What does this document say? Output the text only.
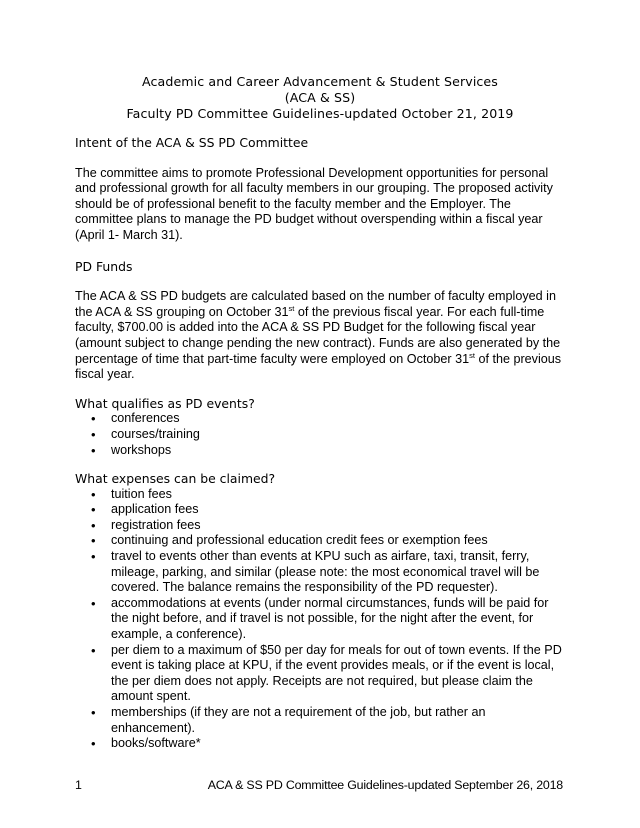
Academic and Career Advancement & Student Services
(ACA & SS)
Faculty PD Committee Guidelines-updated October 21, 2019
Intent of the ACA & SS PD Committee

The committee aims to promote Professional Development opportunities for personal and professional growth for all faculty members in our grouping. The proposed activity should be of professional benefit to the faculty member and the Employer. The committee plans to manage the PD budget without overspending within a fiscal year (April 1- March 31).

PD Funds

The ACA & SS PD budgets are calculated based on the number of faculty employed in the ACA & SS grouping on October 31st of the previous fiscal year. For each full-time faculty, $700.00 is added into the ACA & SS PD Budget for the following fiscal year (amount subject to change pending the new contract). Funds are also generated by the percentage of time that part-time faculty were employed on October 31st of the previous fiscal year.

What qualifies as PD events?
• conferences
• courses/training
• workshops
What expenses can be claimed?
• tuition fees
• application fees
• registration fees
• continuing and professional education credit fees or exemption fees
• travel to events other than events at KPU such as airfare, taxi, transit, ferry, mileage, parking, and similar (please note: the most economical travel will be covered. The balance remains the responsibility of the PD requester).
• accommodations at events (under normal circumstances, funds will be paid for the night before, and if travel is not possible, for the night after the event, for example, a conference).
• per diem to a maximum of $50 per day for meals for out of town events. If the PD event is taking place at KPU, if the event provides meals, or if the event is local, the per diem does not apply. Receipts are not required, but please claim the amount spent.
• memberships (if they are not a requirement of the job, but rather an enhancement).
• books/software*
1	ACA & SS PD Committee Guidelines-updated September 26, 2018
